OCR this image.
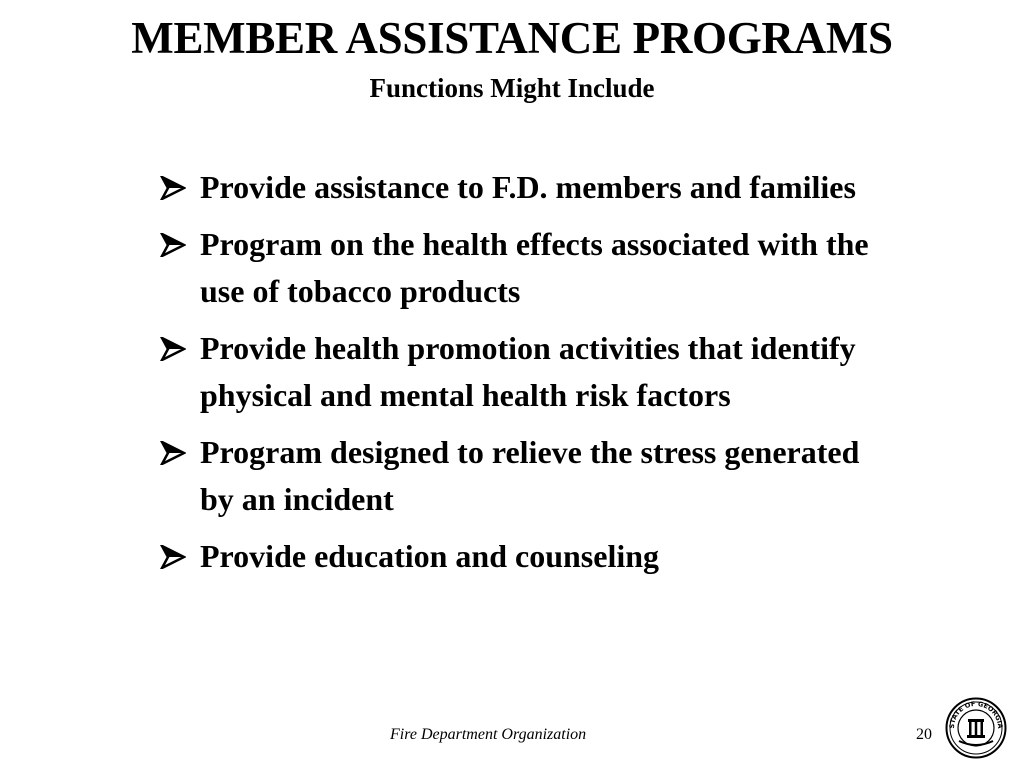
MEMBER ASSISTANCE PROGRAMS
Functions Might Include
Provide assistance to F.D. members and families
Program on the health effects associated with the use of tobacco products
Provide health promotion activities that identify physical and mental health risk factors
Program designed to relieve the stress generated by an incident
Provide education and counseling
Fire Department Organization	20 STATE OF GEORGIA
